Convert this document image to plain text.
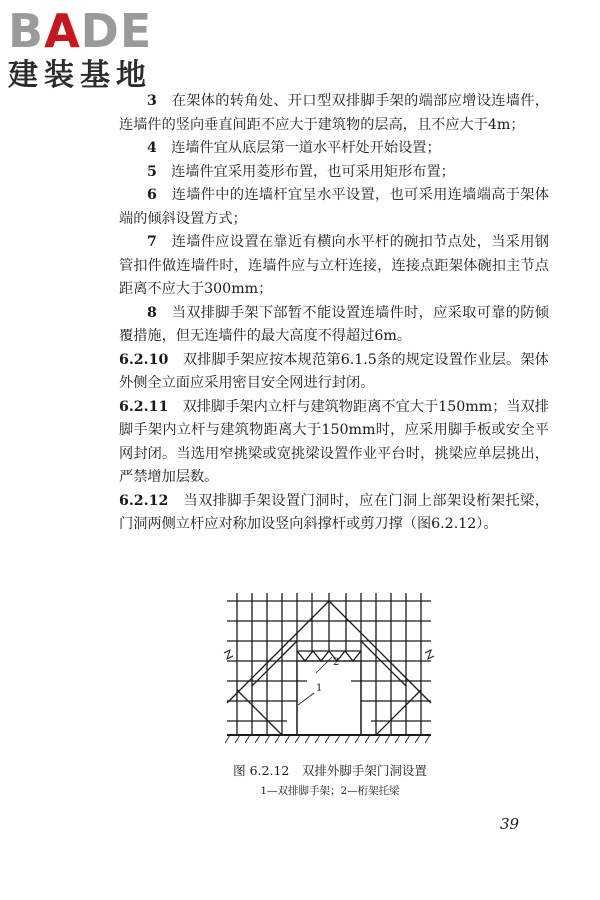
BADE
建装基地

3　 在架体的转角处、开口型双排脚手架的端部应增设连墙件，连墙件的竖向垂直间距不应大于建筑物的层高，且不应大于4m；

4　 连墙件宜从底层第一道水平杆处开始设置；

5　 连墙件宜采用菱形布置，也可采用矩形布置；

6　 连墙件中的连墙杆宜呈水平设置，也可采用连墙端高于架体端的倾斜设置方式；

7　 连墙件应设置在靠近有横向水平杆的碗扣节点处，当采用钢管扣件做连墙件时，连墙件应与立杆连接，连接点距架体碗扣主节点距离不应大于300mm；

8　 当双排脚手架下部暂不能设置连墙件时，应采取可靠的防倾覆措施，但无连墙件的最大高度不得超过6m。

6.2.10　 双排脚手架应按本规范第6.1.5条的规定设置作业层。架体外侧全立面应采用密目安全网进行封闭。

6.2.11　 双排脚手架内立杆与建筑物距离不宜大于150mm；当双排脚手架内立杆与建筑物距离大于150mm时，应采用脚手板或安全平网封闭。当选用窄挑梁或宽挑梁设置作业平台时，挑梁应单层挑出，严禁增加层数。

6.2.12　 当双排脚手架设置门洞时，应在门洞上部架设桁架托梁，门洞两侧立杆应对称加设竖向斜撑杆或剪刀撑（图6.2.12）。

2
1
图 6.2.12　双排外脚手架门洞设置
1—双排脚手架；2—桁架托梁
39
